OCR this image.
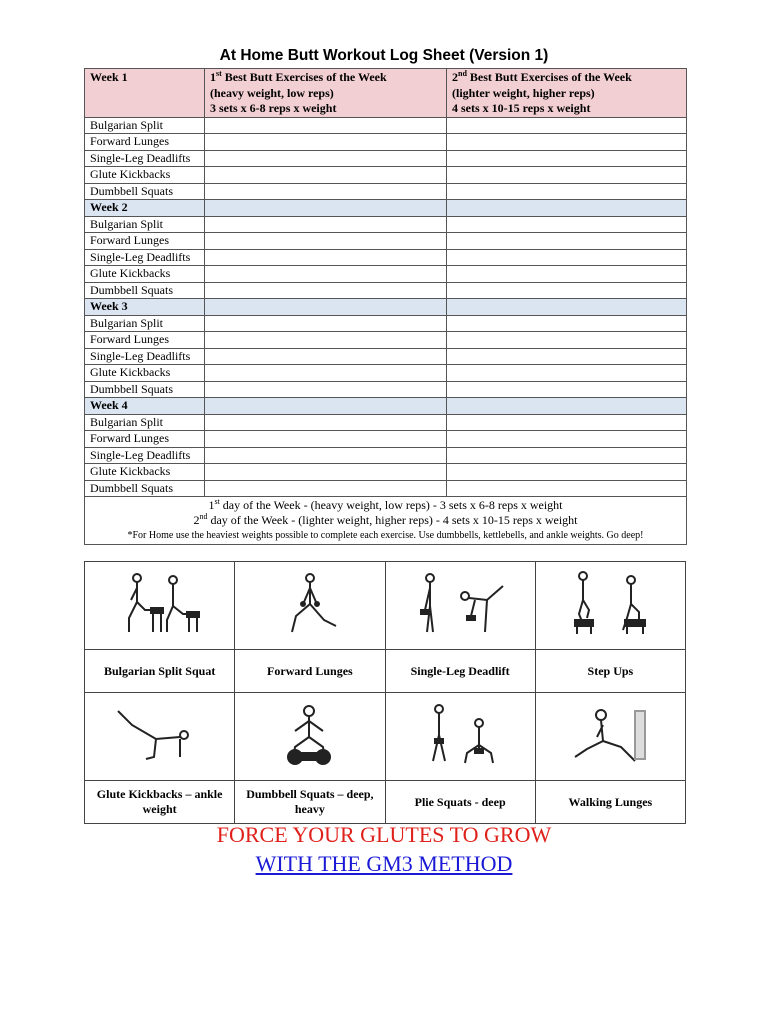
At Home Butt Workout Log Sheet (Version 1)
Week 1	1st Best Butt Exercises of the Week
(heavy weight, low reps)
3 sets x 6-8 reps x weight	2nd Best Butt Exercises of the Week
(lighter weight, higher reps)
4 sets x 10-15 reps x weight
Bulgarian Split		
Forward Lunges		
Single-Leg Deadlifts		
Glute Kickbacks		
Dumbbell Squats		
Week 2		
Bulgarian Split		
Forward Lunges		
Single-Leg Deadlifts		
Glute Kickbacks		
Dumbbell Squats		
Week 3		
Bulgarian Split		
Forward Lunges		
Single-Leg Deadlifts		
Glute Kickbacks		
Dumbbell Squats		
Week 4		
Bulgarian Split		
Forward Lunges		
Single-Leg Deadlifts		
Glute Kickbacks		
Dumbbell Squats		
1st day of the Week - (heavy weight, low reps) - 3 sets x 6-8 reps x weight
2nd day of the Week - (lighter weight, higher reps) - 4 sets x 10-15 reps x weight

*For Home use the heaviest weights possible to complete each exercise. Use dumbbells, kettlebells, and ankle weights. Go deep!		

Bulgarian Split Squat	Forward Lunges	Single-Leg Deadlift	Step Ups

Glute Kickbacks – ankle weight	Dumbbell Squats – deep, heavy	Plie Squats - deep	Walking Lunges
FORCE YOUR GLUTES TO GROW
WITH THE GM3 METHOD
